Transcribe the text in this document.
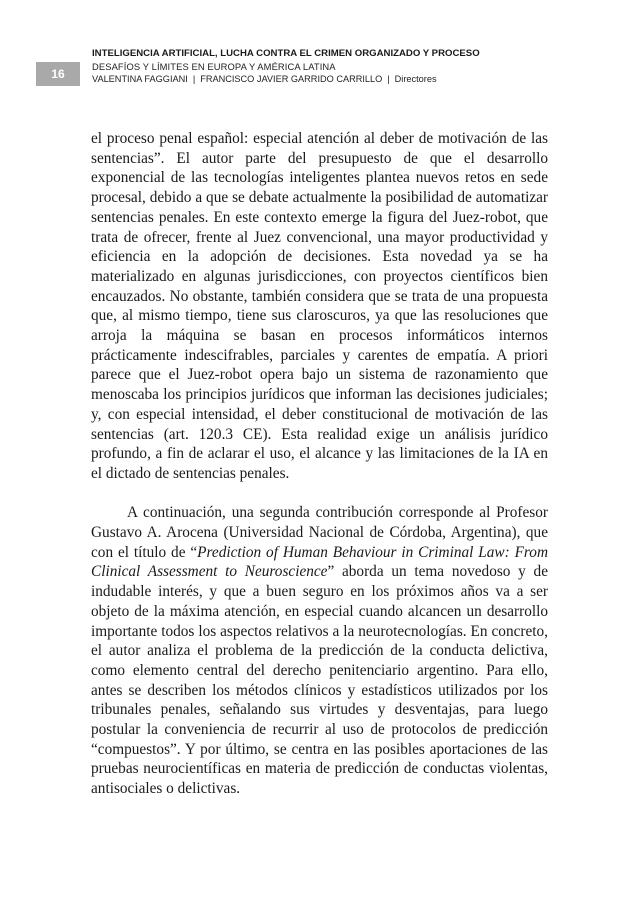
16
INTELIGENCIA ARTIFICIAL, LUCHA CONTRA EL CRIMEN ORGANIZADO Y PROCESO
DESAFÍOS Y LÍMITES EN EUROPA Y AMÉRICA LATINA
VALENTINA FAGGIANI | FRANCISCO JAVIER GARRIDO CARRILLO | Directores

el proceso penal español: especial atención al deber de motivación de las sentencias”. El autor parte del presupuesto de que el desarrollo exponencial de las tecnologías inteligentes plantea nuevos retos en sede procesal, debido a que se debate actualmente la posibilidad de automatizar sentencias penales. En este contexto emerge la figura del Juez-robot, que trata de ofrecer, frente al Juez convencional, una mayor productividad y eficiencia en la adopción de decisiones. Esta novedad ya se ha materializado en algunas jurisdicciones, con proyectos científicos bien encauzados. No obstante, también considera que se trata de una propuesta que, al mismo tiempo, tiene sus claroscuros, ya que las resoluciones que arroja la máquina se basan en procesos informáticos internos prácticamente indescifrables, parciales y carentes de empatía. A priori parece que el Juez-robot opera bajo un sistema de razonamiento que menoscaba los principios jurídicos que informan las decisiones judiciales; y, con especial intensidad, el deber constitucional de motivación de las sentencias (art. 120.3 CE). Esta realidad exige un análisis jurídico profundo, a fin de aclarar el uso, el alcance y las limitaciones de la IA en el dictado de sentencias penales.

A continuación, una segunda contribución corresponde al Profesor Gustavo A. Arocena (Universidad Nacional de Córdoba, Argentina), que con el título de “Prediction of Human Behaviour in Criminal Law: From Clinical Assessment to Neuroscience” aborda un tema novedoso y de indudable interés, y que a buen seguro en los próximos años va a ser objeto de la máxima atención, en especial cuando alcancen un desarrollo importante todos los aspectos relativos a la neurotecnologías. En concreto, el autor analiza el problema de la predicción de la conducta delictiva, como elemento central del derecho penitenciario argentino. Para ello, antes se describen los métodos clínicos y estadísticos utilizados por los tribunales penales, señalando sus virtudes y desventajas, para luego postular la conveniencia de recurrir al uso de protocolos de predicción “compuestos”. Y por último, se centra en las posibles aportaciones de las pruebas neurocientíficas en materia de predicción de conductas violentas, antisociales o delictivas.
